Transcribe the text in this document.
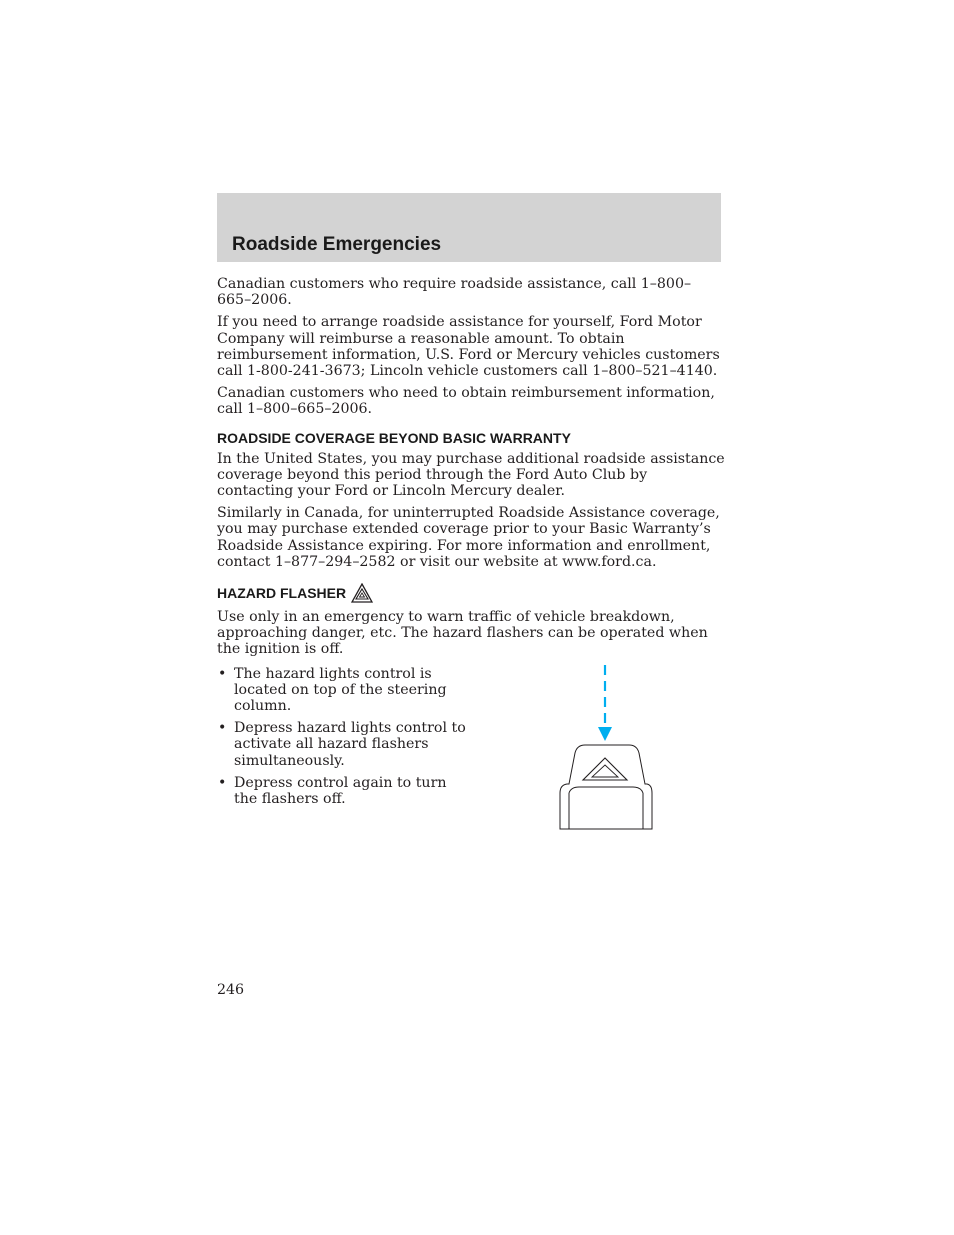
Roadside Emergencies

Canadian customers who require roadside assistance, call 1–800–665–2006.

If you need to arrange roadside assistance for yourself, Ford Motor Company will reimburse a reasonable amount. To obtain reimbursement information, U.S. Ford or Mercury vehicles customers call 1-800-241-3673; Lincoln vehicle customers call 1–800–521–4140.

Canadian customers who need to obtain reimbursement information, call 1–800–665–2006.

ROADSIDE COVERAGE BEYOND BASIC WARRANTY

In the United States, you may purchase additional roadside assistance coverage beyond this period through the Ford Auto Club by contacting your Ford or Lincoln Mercury dealer.

Similarly in Canada, for uninterrupted Roadside Assistance coverage, you may purchase extended coverage prior to your Basic Warranty’s Roadside Assistance expiring. For more information and enrollment, contact 1–877–294–2582 or visit our website at www.ford.ca.

HAZARD FLASHER

Use only in an emergency to warn traffic of vehicle breakdown, approaching danger, etc. The hazard flashers can be operated when the ignition is off.

• The hazard lights control is located on top of the steering column.
• Depress hazard lights control to activate all hazard flashers simultaneously.
• Depress control again to turn the flashers off.
246
